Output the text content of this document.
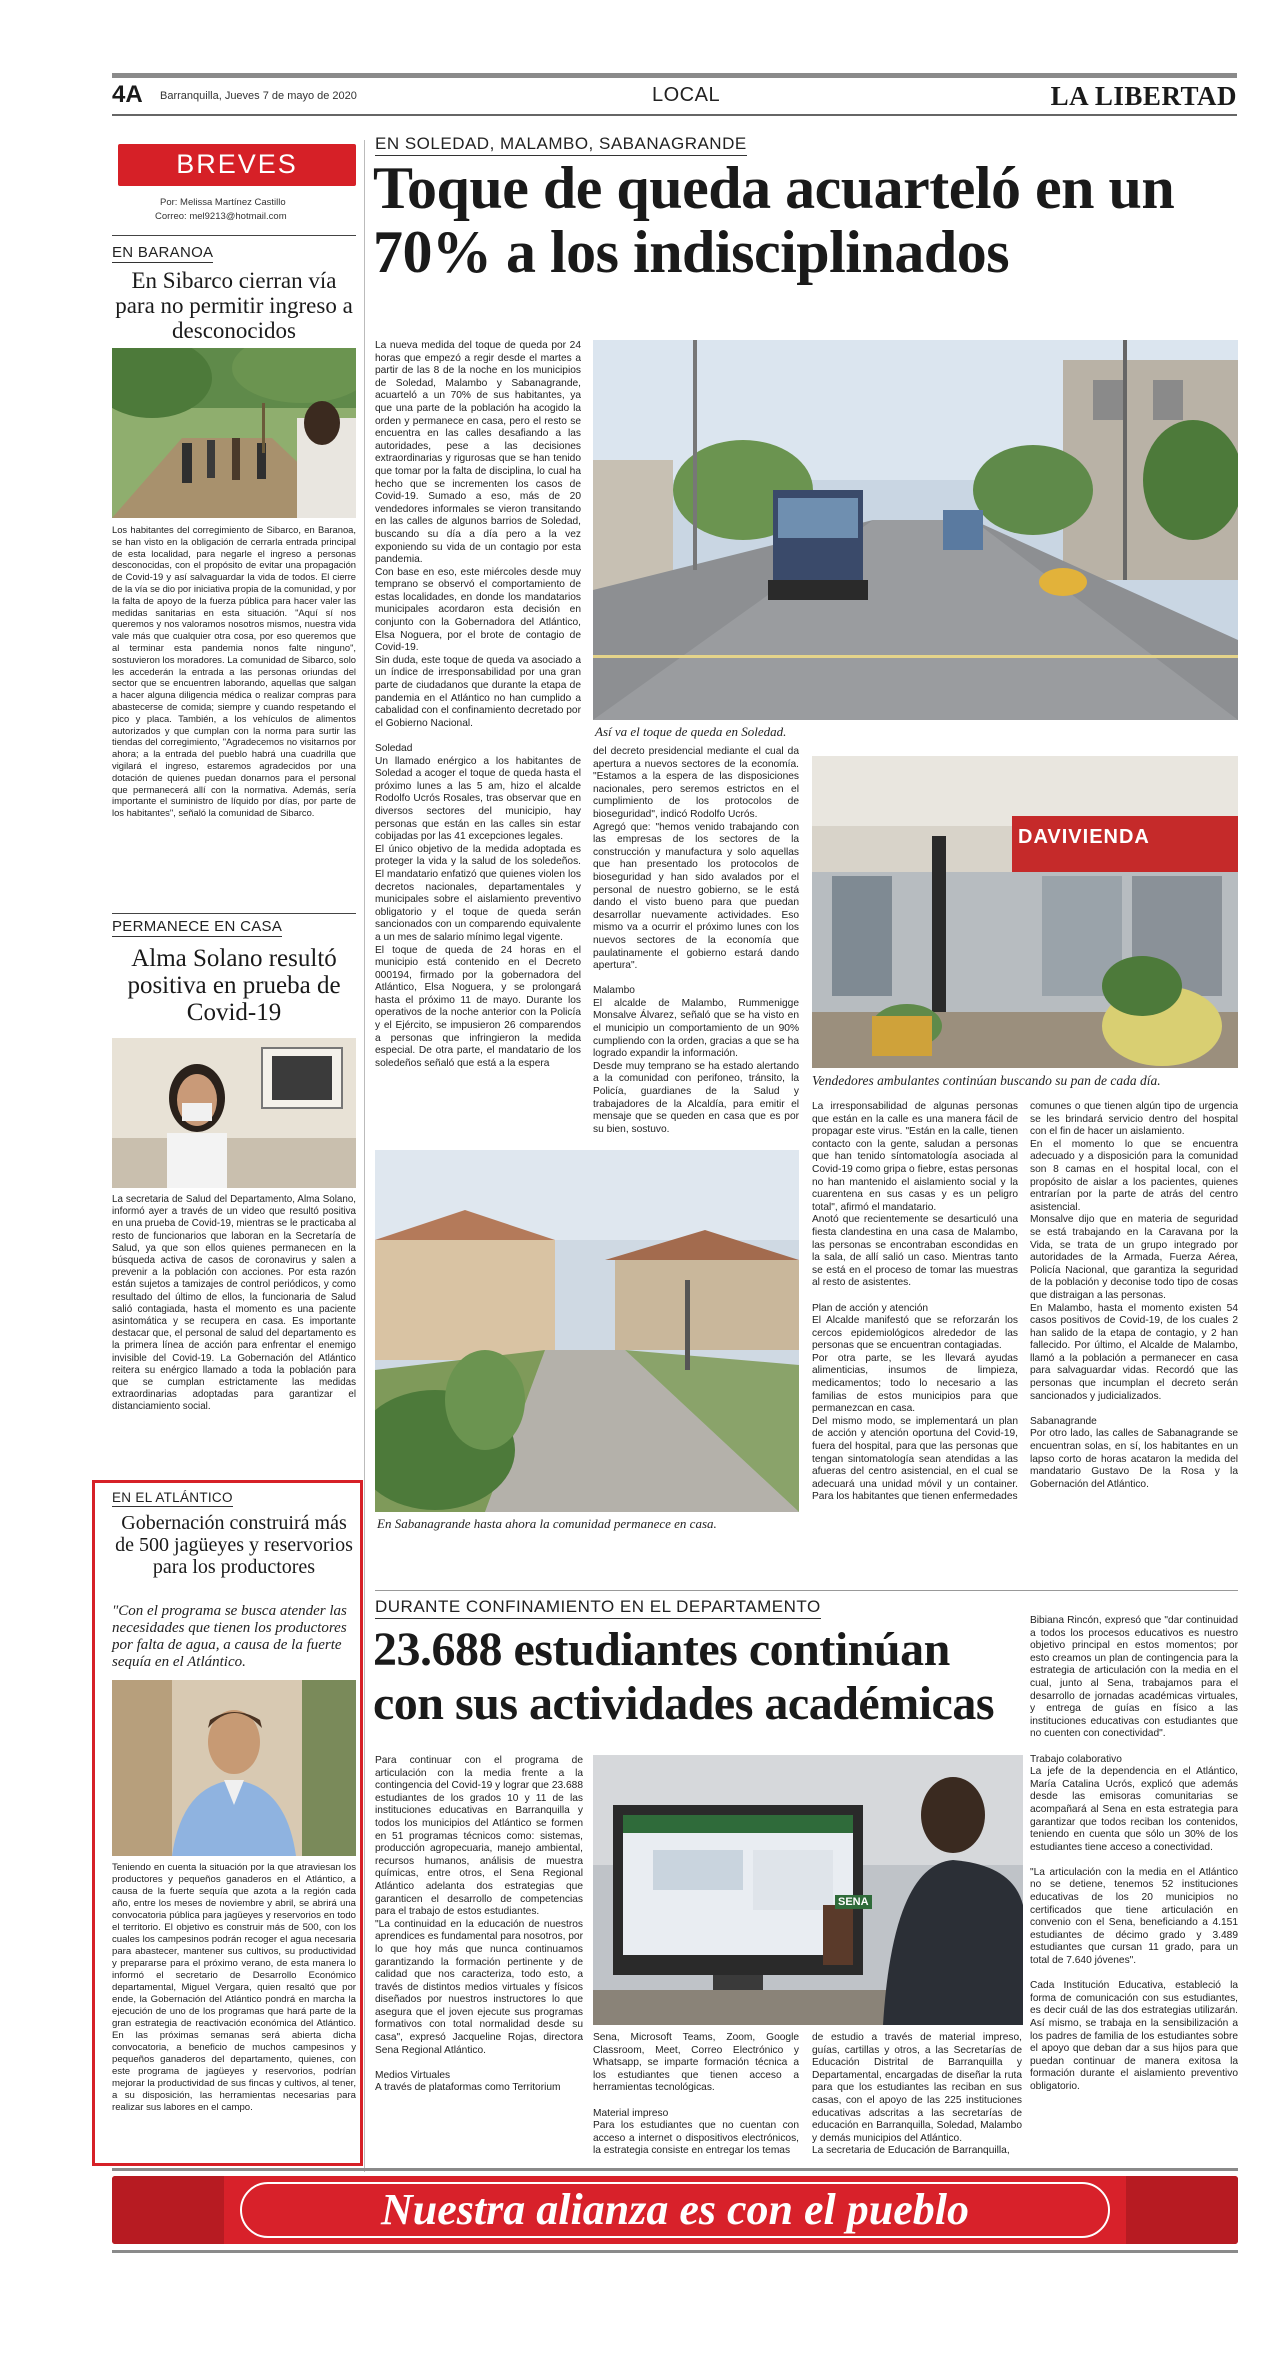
4A Barranquilla, Jueves 7 de mayo de 2020	LOCAL	LA LIBERTAD
BREVES
Por: Melissa Martínez Castillo
Correo: mel9213@hotmail.com
EN BARANOA
En Sibarco cierran vía para no permitir ingreso a desconocidos

Los habitantes del corregimiento de Sibarco, en Baranoa, se han visto en la obligación de cerrarla entrada principal de esta localidad, para negarle el ingreso a personas desconocidas, con el propósito de evitar una propagación de Covid-19 y así salvaguardar la vida de todos. El cierre de la vía se dio por iniciativa propia de la comunidad, y por la falta de apoyo de la fuerza pública para hacer valer las medidas sanitarias en esta situación. "Aquí sí nos queremos y nos valoramos nosotros mismos, nuestra vida vale más que cualquier otra cosa, por eso queremos que al terminar esta pandemia nonos falte ninguno", sostuvieron los moradores. La comunidad de Sibarco, solo les accederán la entrada a las personas oriundas del sector que se encuentren laborando, aquellas que salgan a hacer alguna diligencia médica o realizar compras para abastecerse de comida; siempre y cuando respetando el pico y placa. También, a los vehículos de alimentos autorizados y que cumplan con la norma para surtir las tiendas del corregimiento, "Agradecemos no visitarnos por ahora; a la entrada del pueblo habrá una cuadrilla que vigilará el ingreso, estaremos agradecidos por una dotación de quienes puedan donarnos para el personal que permanecerá allí con la normativa. Además, sería importante el suministro de líquido por días, por parte de los habitantes", señaló la comunidad de Sibarco.

PERMANECE EN CASA
Alma Solano resultó positiva en prueba de Covid-19

La secretaria de Salud del Departamento, Alma Solano, informó ayer a través de un video que resultó positiva en una prueba de Covid-19, mientras se le practicaba al resto de funcionarios que laboran en la Secretaría de Salud, ya que son ellos quienes permanecen en la búsqueda activa de casos de coronavirus y salen a prevenir a la población con acciones. Por esta razón están sujetos a tamizajes de control periódicos, y como resultado del último de ellos, la funcionaria de Salud salió contagiada, hasta el momento es una paciente asintomática y se recupera en casa. Es importante destacar que, el personal de salud del departamento es la primera línea de acción para enfrentar el enemigo invisible del Covid-19. La Gobernación del Atlántico reitera su enérgico llamado a toda la población para que se cumplan estrictamente las medidas extraordinarias adoptadas para garantizar el distanciamiento social.

EN EL ATLÁNTICO
Gobernación construirá más de 500 jagüeyes y reservorios para los productores
"Con el programa se busca atender las necesidades que tienen los productores por falta de agua, a causa de la fuerte sequía en el Atlántico.

Teniendo en cuenta la situación por la que atraviesan los productores y pequeños ganaderos en el Atlántico, a causa de la fuerte sequía que azota a la región cada año, entre los meses de noviembre y abril, se abrirá una convocatoria pública para jagüeyes y reservorios en todo el territorio. El objetivo es construir más de 500, con los cuales los campesinos podrán recoger el agua necesaria para abastecer, mantener sus cultivos, su productividad y prepararse para el próximo verano, de esta manera lo informó el secretario de Desarrollo Económico departamental, Miguel Vergara, quien resaltó que por ende, la Gobernación del Atlántico pondrá en marcha la ejecución de uno de los programas que hará parte de la gran estrategia de reactivación económica del Atlántico. En las próximas semanas será abierta dicha convocatoria, a beneficio de muchos campesinos y pequeños ganaderos del departamento, quienes, con este programa de jagüeyes y reservorios, podrían mejorar la productividad de sus fincas y cultivos, al tener, a su disposición, las herramientas necesarias para realizar sus labores en el campo.

EN SOLEDAD, MALAMBO, SABANAGRANDE
Toque de queda acuarteló en un 70% a los indisciplinados

La nueva medida del toque de queda por 24 horas que empezó a regir desde el martes a partir de las 8 de la noche en los municipios de Soledad, Malambo y Sabanagrande, acuarteló a un 70% de sus habitantes, ya que una parte de la población ha acogido la orden y permanece en casa, pero el resto se encuentra en las calles desafiando a las autoridades, pese a las decisiones extraordinarias y rigurosas que se han tenido que tomar por la falta de disciplina, lo cual ha hecho que se incrementen los casos de Covid-19. Sumado a eso, más de 20 vendedores informales se vieron transitando en las calles de algunos barrios de Soledad, buscando su día a día pero a la vez exponiendo su vida de un contagio por esta pandemia.
Con base en eso, este miércoles desde muy temprano se observó el comportamiento de estas localidades, en donde los mandatarios municipales acordaron esta decisión en conjunto con la Gobernadora del Atlántico, Elsa Noguera, por el brote de contagio de Covid-19.
Sin duda, este toque de queda va asociado a un índice de irresponsabilidad por una gran parte de ciudadanos que durante la etapa de pandemia en el Atlántico no han cumplido a cabalidad con el confinamiento decretado por el Gobierno Nacional.

Soledad
Un llamado enérgico a los habitantes de Soledad a acoger el toque de queda hasta el próximo lunes a las 5 am, hizo el alcalde Rodolfo Ucrós Rosales, tras observar que en diversos sectores del municipio, hay personas que están en las calles sin estar cobijadas por las 41 excepciones legales.
El único objetivo de la medida adoptada es proteger la vida y la salud de los soledeños. El mandatario enfatizó que quienes violen los decretos nacionales, departamentales y municipales sobre el aislamiento preventivo obligatorio y el toque de queda serán sancionados con un comparendo equivalente a un mes de salario mínimo legal vigente.
El toque de queda de 24 horas en el municipio está contenido en el Decreto 000194, firmado por la gobernadora del Atlántico, Elsa Noguera, y se prolongará hasta el próximo 11 de mayo. Durante los operativos de la noche anterior con la Policía y el Ejército, se impusieron 26 comparendos a personas que infringieron la medida especial. De otra parte, el mandatario de los soledeños señaló que está a la espera

Así va el toque de queda en Soledad.

del decreto presidencial mediante el cual da apertura a nuevos sectores de la economía. "Estamos a la espera de las disposiciones nacionales, pero seremos estrictos en el cumplimiento de los protocolos de bioseguridad", indicó Rodolfo Ucrós.
Agregó que: "hemos venido trabajando con las empresas de los sectores de la construcción y manufactura y solo aquellas que han presentado los protocolos de bioseguridad y han sido avalados por el personal de nuestro gobierno, se le está dando el visto bueno para que puedan desarrollar nuevamente actividades. Eso mismo va a ocurrir el próximo lunes con los nuevos sectores de la economía que paulatinamente el gobierno estará dando apertura".

Malambo
El alcalde de Malambo, Rummenigge Monsalve Álvarez, señaló que se ha visto en el municipio un comportamiento de un 90% cumpliendo con la orden, gracias a que se ha logrado expandir la información.
Desde muy temprano se ha estado alertando a la comunidad con perifoneo, tránsito, la Policía, guardianes de la Salud y trabajadores de la Alcaldía, para emitir el mensaje que se queden en casa que es por su bien, sostuvo.

DAVIVIENDA
Vendedores ambulantes continúan buscando su pan de cada día.
En Sabanagrande hasta ahora la comunidad permanece en casa.

La irresponsabilidad de algunas personas que están en la calle es una manera fácil de propagar este virus. "Están en la calle, tienen contacto con la gente, saludan a personas que han tenido síntomatología asociada al Covid-19 como gripa o fiebre, estas personas no han mantenido el aislamiento social y la cuarentena en sus casas y es un peligro total", afirmó el mandatario.
Anotó que recientemente se desarticuló una fiesta clandestina en una casa de Malambo, las personas se encontraban escondidas en la sala, de allí salió un caso. Mientras tanto se está en el proceso de tomar las muestras al resto de asistentes.

Plan de acción y atención
El Alcalde manifestó que se reforzarán los cercos epidemiológicos alrededor de las personas que se encuentran contagiadas.
Por otra parte, se les llevará ayudas alimenticias, insumos de limpieza, medicamentos; todo lo necesario a las familias de estos municipios para que permanezcan en casa.
Del mismo modo, se implementará un plan de acción y atención oportuna del Covid-19, fuera del hospital, para que las personas que tengan sintomatología sean atendidas a las afueras del centro asistencial, en el cual se adecuará una unidad móvil y un container. Para los habitantes que tienen enfermedades

comunes o que tienen algún tipo de urgencia se les brindará servicio dentro del hospital con el fin de hacer un aislamiento.
En el momento lo que se encuentra adecuado y a disposición para la comunidad son 8 camas en el hospital local, con el propósito de aislar a los pacientes, quienes entrarían por la parte de atrás del centro asistencial.
Monsalve dijo que en materia de seguridad se está trabajando en la Caravana por la Vida, se trata de un grupo integrado por autoridades de la Armada, Fuerza Aérea, Policía Nacional, que garantiza la seguridad de la población y deconise todo tipo de cosas que distraigan a las personas.
En Malambo, hasta el momento existen 54 casos positivos de Covid-19, de los cuales 2 han salido de la etapa de contagio, y 2 han fallecido. Por último, el Alcalde de Malambo, llamó a la población a permanecer en casa para salvaguardar vidas. Recordó que las personas que incumplan el decreto serán sancionados y judicializados.

Sabanagrande
Por otro lado, las calles de Sabanagrande se encuentran solas, en sí, los habitantes en un lapso corto de horas acataron la medida del mandatario Gustavo De la Rosa y la Gobernación del Atlántico.

DURANTE CONFINAMIENTO EN EL DEPARTAMENTO
23.688 estudiantes continúan con sus actividades académicas

Para continuar con el programa de articulación con la media frente a la contingencia del Covid-19 y lograr que 23.688 estudiantes de los grados 10 y 11 de las instituciones educativas en Barranquilla y todos los municipios del Atlántico se formen en 51 programas técnicos como: sistemas, producción agropecuaria, manejo ambiental, recursos humanos, análisis de muestra químicas, entre otros, el Sena Regional Atlántico adelanta dos estrategias que garanticen el desarrollo de competencias para el trabajo de estos estudiantes.
"La continuidad en la educación de nuestros aprendices es fundamental para nosotros, por lo que hoy más que nunca continuamos garantizando la formación pertinente y de calidad que nos caracteriza, todo esto, a través de distintos medios virtuales y físicos diseñados por nuestros instructores lo que asegura que el joven ejecute sus programas formativos con total normalidad desde su casa", expresó Jacqueline Rojas, directora Sena Regional Atlántico.

Medios Virtuales
A través de plataformas como Territorium

SENA

Sena, Microsoft Teams, Zoom, Google Classroom, Meet, Correo Electrónico y Whatsapp, se imparte formación técnica a los estudiantes que tienen acceso a herramientas tecnológicas.

Material impreso
Para los estudiantes que no cuentan con acceso a internet o dispositivos electrónicos, la estrategia consiste en entregar los temas

de estudio a través de material impreso, guías, cartillas y otros, a las Secretarías de Educación Distrital de Barranquilla y Departamental, encargadas de diseñar la ruta para que los estudiantes las reciban en sus casas, con el apoyo de las 225 instituciones educativas adscritas a las secretarías de educación en Barranquilla, Soledad, Malambo y demás municipios del Atlántico.
La secretaria de Educación de Barranquilla,

Bibiana Rincón, expresó que "dar continuidad a todos los procesos educativos es nuestro objetivo principal en estos momentos; por esto creamos un plan de contingencia para la estrategia de articulación con la media en el cual, junto al Sena, trabajamos para el desarrollo de jornadas académicas virtuales, y entrega de guías en físico a las instituciones educativas con estudiantes que no cuenten con conectividad".

Trabajo colaborativo
La jefe de la dependencia en el Atlántico, María Catalina Ucrós, explicó que además desde las emisoras comunitarias se acompañará al Sena en esta estrategia para garantizar que todos reciban los contenidos, teniendo en cuenta que sólo un 30% de los estudiantes tiene acceso a conectividad.

"La articulación con la media en el Atlántico no se detiene, tenemos 52 instituciones educativas de los 20 municipios no certificados que tiene articulación en convenio con el Sena, beneficiando a 4.151 estudiantes de décimo grado y 3.489 estudiantes que cursan 11 grado, para un total de 7.640 jóvenes".

Cada Institución Educativa, estableció la forma de comunicación con sus estudiantes, es decir cuál de las dos estrategias utilizarán. Así mismo, se trabaja en la sensibilización a los padres de familia de los estudiantes sobre el apoyo que deban dar a sus hijos para que puedan continuar de manera exitosa la formación durante el aislamiento preventivo obligatorio.

Nuestra alianza es con el pueblo
